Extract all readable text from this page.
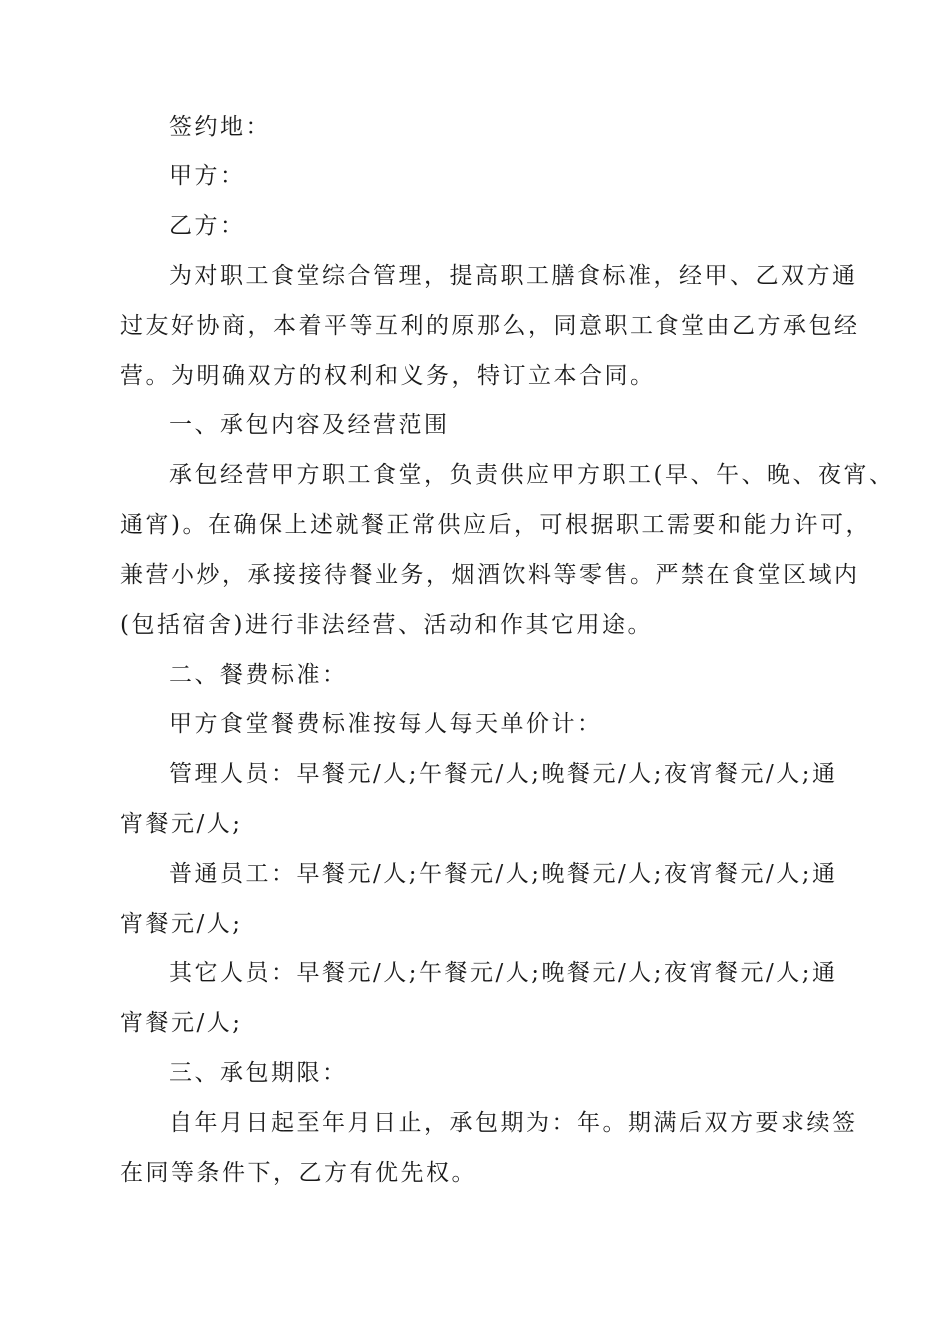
签约地：
甲方：
乙方：
为对职工食堂综合管理，提高职工膳食标准，经甲、乙双方通
过友好协商，本着平等互利的原那么，同意职工食堂由乙方承包经
营。为明确双方的权利和义务，特订立本合同。
一、承包内容及经营范围
承包经营甲方职工食堂，负责供应甲方职工(早、午、晚、夜宵、
通宵)。在确保上述就餐正常供应后，可根据职工需要和能力许可，
兼营小炒，承接接待餐业务，烟酒饮料等零售。严禁在食堂区域内
(包括宿舍)进行非法经营、活动和作其它用途。
二、餐费标准：
甲方食堂餐费标准按每人每天单价计：
管理人员：早餐元/人;午餐元/人;晚餐元/人;夜宵餐元/人;通
宵餐元/人;
普通员工：早餐元/人;午餐元/人;晚餐元/人;夜宵餐元/人;通
宵餐元/人;
其它人员：早餐元/人;午餐元/人;晚餐元/人;夜宵餐元/人;通
宵餐元/人;
三、承包期限：
自年月日起至年月日止，承包期为：年。期满后双方要求续签
在同等条件下，乙方有优先权。
